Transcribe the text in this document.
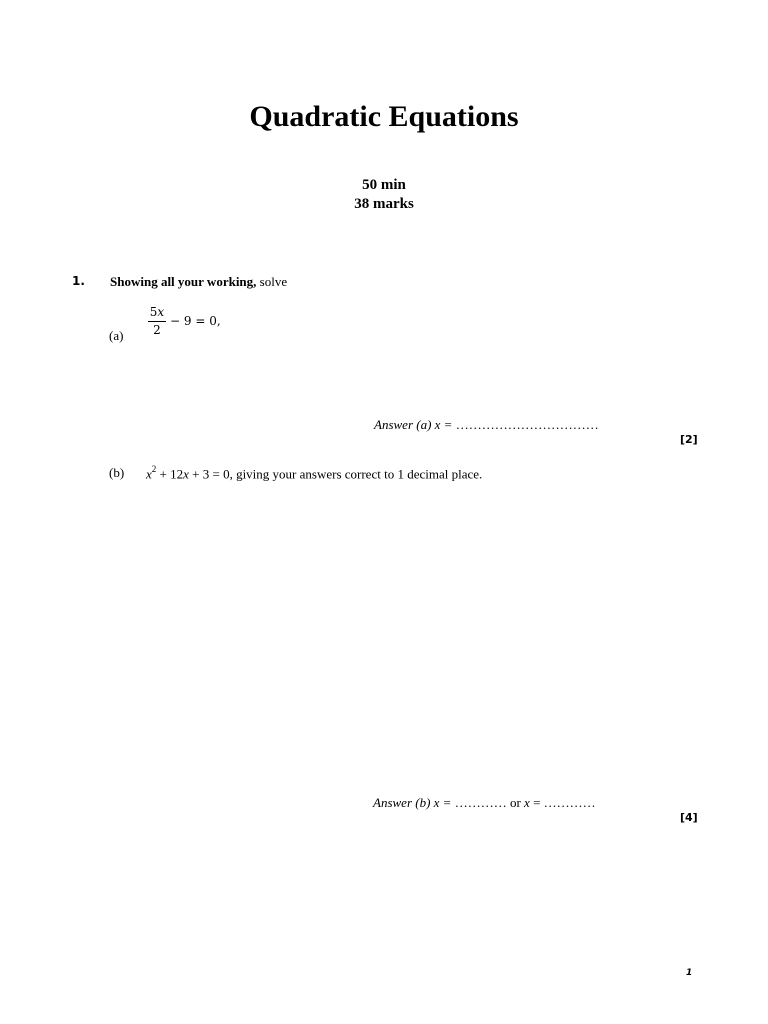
Quadratic Equations
50 min
38 marks
1. Showing all your working, solve
(a)
5x
2
− 9 = 0,
Answer (a) x = ……………………………
[2]
(b) $x^2 + 12x + 3 = 0$, giving your answers correct to 1 decimal place.
Answer (b) x = ………… or x = …………
[4]
1
